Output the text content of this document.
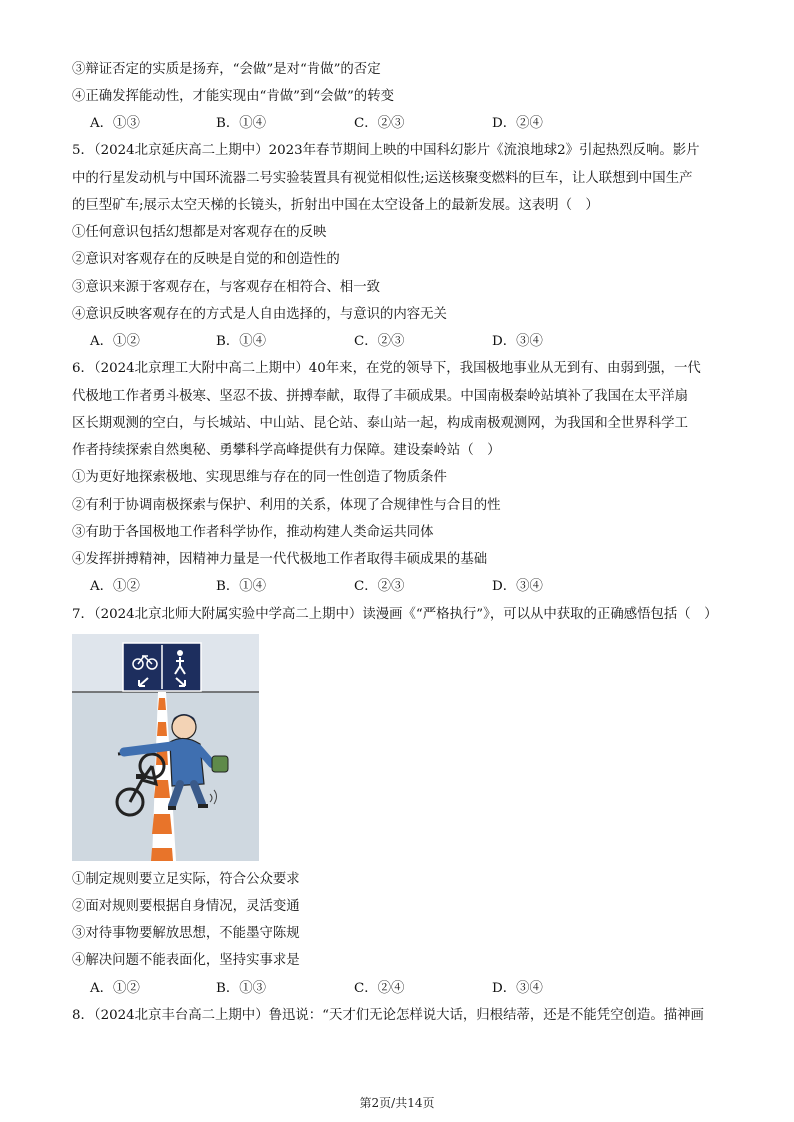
③辩证否定的实质是扬弃，“会做”是对“肯做”的否定
④正确发挥能动性，才能实现由“肯做”到“会做”的转变
A．①③	B．①④	C．②③	D．②④
5．（2024北京延庆高二上期中）2023年春节期间上映的中国科幻影片《流浪地球2》引起热烈反响。影片
中的行星发动机与中国环流器二号实验装置具有视觉相似性;运送核聚变燃料的巨车，让人联想到中国生产
的巨型矿车;展示太空天梯的长镜头，折射出中国在太空设备上的最新发展。这表明（　）
①任何意识包括幻想都是对客观存在的反映
②意识对客观存在的反映是自觉的和创造性的
③意识来源于客观存在，与客观存在相符合、相一致
④意识反映客观存在的方式是人自由选择的，与意识的内容无关
A．①②	B．①④	C．②③	D．③④
6．（2024北京理工大附中高二上期中）40年来，在党的领导下，我国极地事业从无到有、由弱到强，一代
代极地工作者勇斗极寒、坚忍不拔、拼搏奉献，取得了丰硕成果。中国南极秦岭站填补了我国在太平洋扇
区长期观测的空白，与长城站、中山站、昆仑站、泰山站一起，构成南极观测网，为我国和全世界科学工
作者持续探索自然奥秘、勇攀科学高峰提供有力保障。建设秦岭站（　）
①为更好地探索极地、实现思维与存在的同一性创造了物质条件
②有利于协调南极探索与保护、利用的关系，体现了合规律性与合目的性
③有助于各国极地工作者科学协作，推动构建人类命运共同体
④发挥拼搏精神，因精神力量是一代代极地工作者取得丰硕成果的基础
A．①②	B．①④	C．②③	D．③④
7．（2024北京北师大附属实验中学高二上期中）读漫画《“严格执行”》，可以从中获取的正确感悟包括（　）
①制定规则要立足实际，符合公众要求
②面对规则要根据自身情况，灵活变通
③对待事物要解放思想，不能墨守陈规
④解决问题不能表面化，坚持实事求是
A．①②	B．①③	C．②④	D．③④
8．（2024北京丰台高二上期中）鲁迅说：“天才们无论怎样说大话，归根结蒂，还是不能凭空创造。描神画
第2页/共14页
